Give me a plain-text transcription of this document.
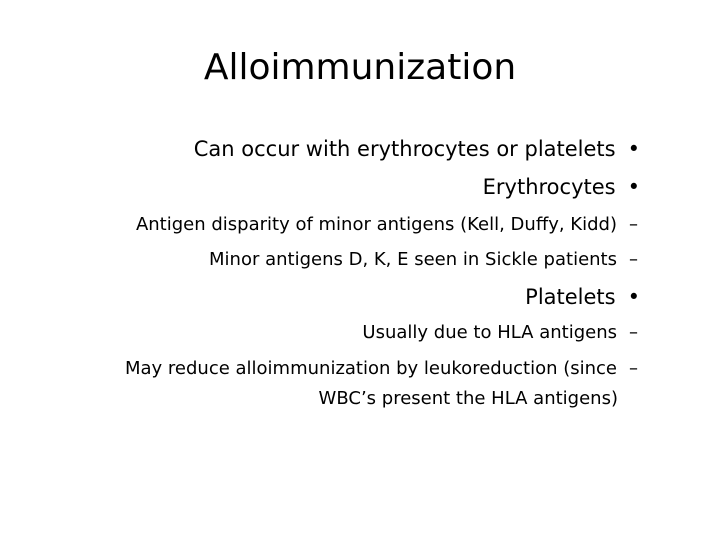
Alloimmunization
Can occur with erythrocytes or platelets •
Erythrocytes •
Antigen disparity of minor antigens (Kell, Duffy, Kidd) –
Minor antigens D, K, E seen in Sickle patients –
Platelets •
Usually due to HLA antigens –
May reduce alloimmunization by leukoreduction (since –
WBC’s present the HLA antigens)
